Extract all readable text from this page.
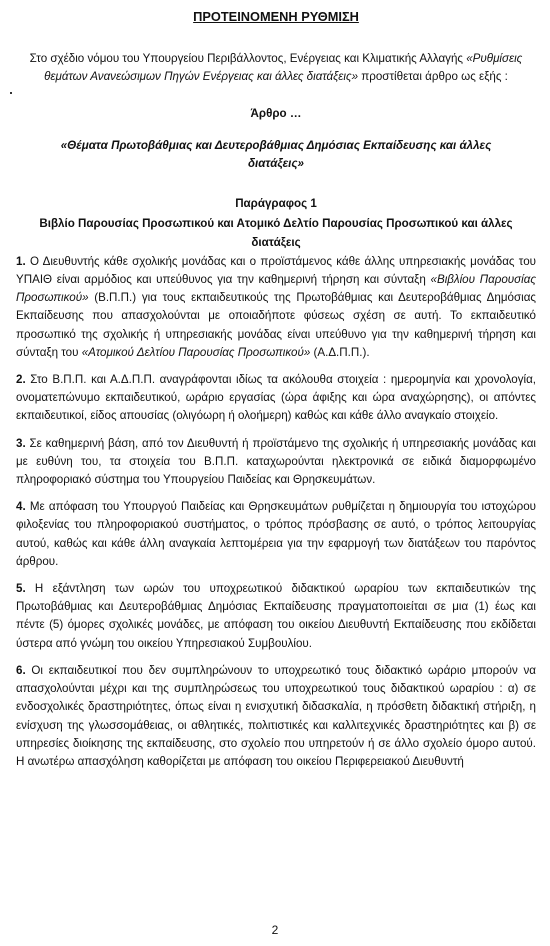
ΠΡΟΤΕΙΝΟΜΕΝΗ ΡΥΘΜΙΣΗ

Στο σχέδιο νόμου του Υπουργείου Περιβάλλοντος, Ενέργειας και Κλιματικής Αλλαγής «Ρυθμίσεις θεμάτων Ανανεώσιμων Πηγών Ενέργειας και άλλες διατάξεις» προστίθεται άρθρο ως εξής :

Άρθρο …

«Θέματα Πρωτοβάθμιας και Δευτεροβάθμιας Δημόσιας Εκπαίδευσης και άλλες διατάξεις»

Παράγραφος 1

Βιβλίο Παρουσίας Προσωπικού και Ατομικό Δελτίο Παρουσίας Προσωπικού και άλλες διατάξεις

1. Ο Διευθυντής κάθε σχολικής μονάδας και ο προϊστάμενος κάθε άλλης υπηρεσιακής μονάδας του ΥΠΑΙΘ είναι αρμόδιος και υπεύθυνος για την καθημερινή τήρηση και σύνταξη «Βιβλίου Παρουσίας Προσωπικού» (Β.Π.Π.) για τους εκπαιδευτικούς της Πρωτοβάθμιας και Δευτεροβάθμιας Δημόσιας Εκπαίδευσης που απασχολούνται με οποιαδήποτε φύσεως σχέση σε αυτή. Το εκπαιδευτικό προσωπικό της σχολικής ή υπηρεσιακής μονάδας είναι υπεύθυνο για την καθημερινή τήρηση και σύνταξη του «Ατομικού Δελτίου Παρουσίας Προσωπικού» (Α.Δ.Π.Π.).

2. Στο Β.Π.Π. και Α.Δ.Π.Π. αναγράφονται ιδίως τα ακόλουθα στοιχεία : ημερομηνία και χρονολογία, ονοματεπώνυμο εκπαιδευτικού, ωράριο εργασίας (ώρα άφιξης και ώρα αναχώρησης), οι απόντες εκπαιδευτικοί, είδος απουσίας (ολιγόωρη ή ολοήμερη) καθώς και κάθε άλλο αναγκαίο στοιχείο.

3. Σε καθημερινή βάση, από τον Διευθυντή ή προϊστάμενο της σχολικής ή υπηρεσιακής μονάδας και με ευθύνη του, τα στοιχεία του Β.Π.Π. καταχωρούνται ηλεκτρονικά σε ειδικά διαμορφωμένο πληροφοριακό σύστημα του Υπουργείου Παιδείας και Θρησκευμάτων.

4. Με απόφαση του Υπουργού Παιδείας και Θρησκευμάτων ρυθμίζεται η δημιουργία του ιστοχώρου φιλοξενίας του πληροφοριακού συστήματος, ο τρόπος πρόσβασης σε αυτό, ο τρόπος λειτουργίας αυτού, καθώς και κάθε άλλη αναγκαία λεπτομέρεια για την εφαρμογή των διατάξεων του παρόντος άρθρου.

5. Η εξάντληση των ωρών του υποχρεωτικού διδακτικού ωραρίου των εκπαιδευτικών της Πρωτοβάθμιας και Δευτεροβάθμιας Δημόσιας Εκπαίδευσης πραγματοποιείται σε μια (1) έως και πέντε (5) όμορες σχολικές μονάδες, με απόφαση του οικείου Διευθυντή Εκπαίδευσης που εκδίδεται ύστερα από γνώμη του οικείου Υπηρεσιακού Συμβουλίου.

6. Οι εκπαιδευτικοί που δεν συμπληρώνουν το υποχρεωτικό τους διδακτικό ωράριο μπορούν να απασχολούνται μέχρι και της συμπληρώσεως του υποχρεωτικού τους διδακτικού ωραρίου : α) σε ενδοσχολικές δραστηριότητες, όπως είναι η ενισχυτική διδασκαλία, η πρόσθετη διδακτική στήριξη, η ενίσχυση της γλωσσομάθειας, οι αθλητικές, πολιτιστικές και καλλιτεχνικές δραστηριότητες και β) σε υπηρεσίες διοίκησης της εκπαίδευσης, στο σχολείο που υπηρετούν ή σε άλλο σχολείο όμορο αυτού. Η ανωτέρω απασχόληση καθορίζεται με απόφαση του οικείου Περιφερειακού Διευθυντή

2
